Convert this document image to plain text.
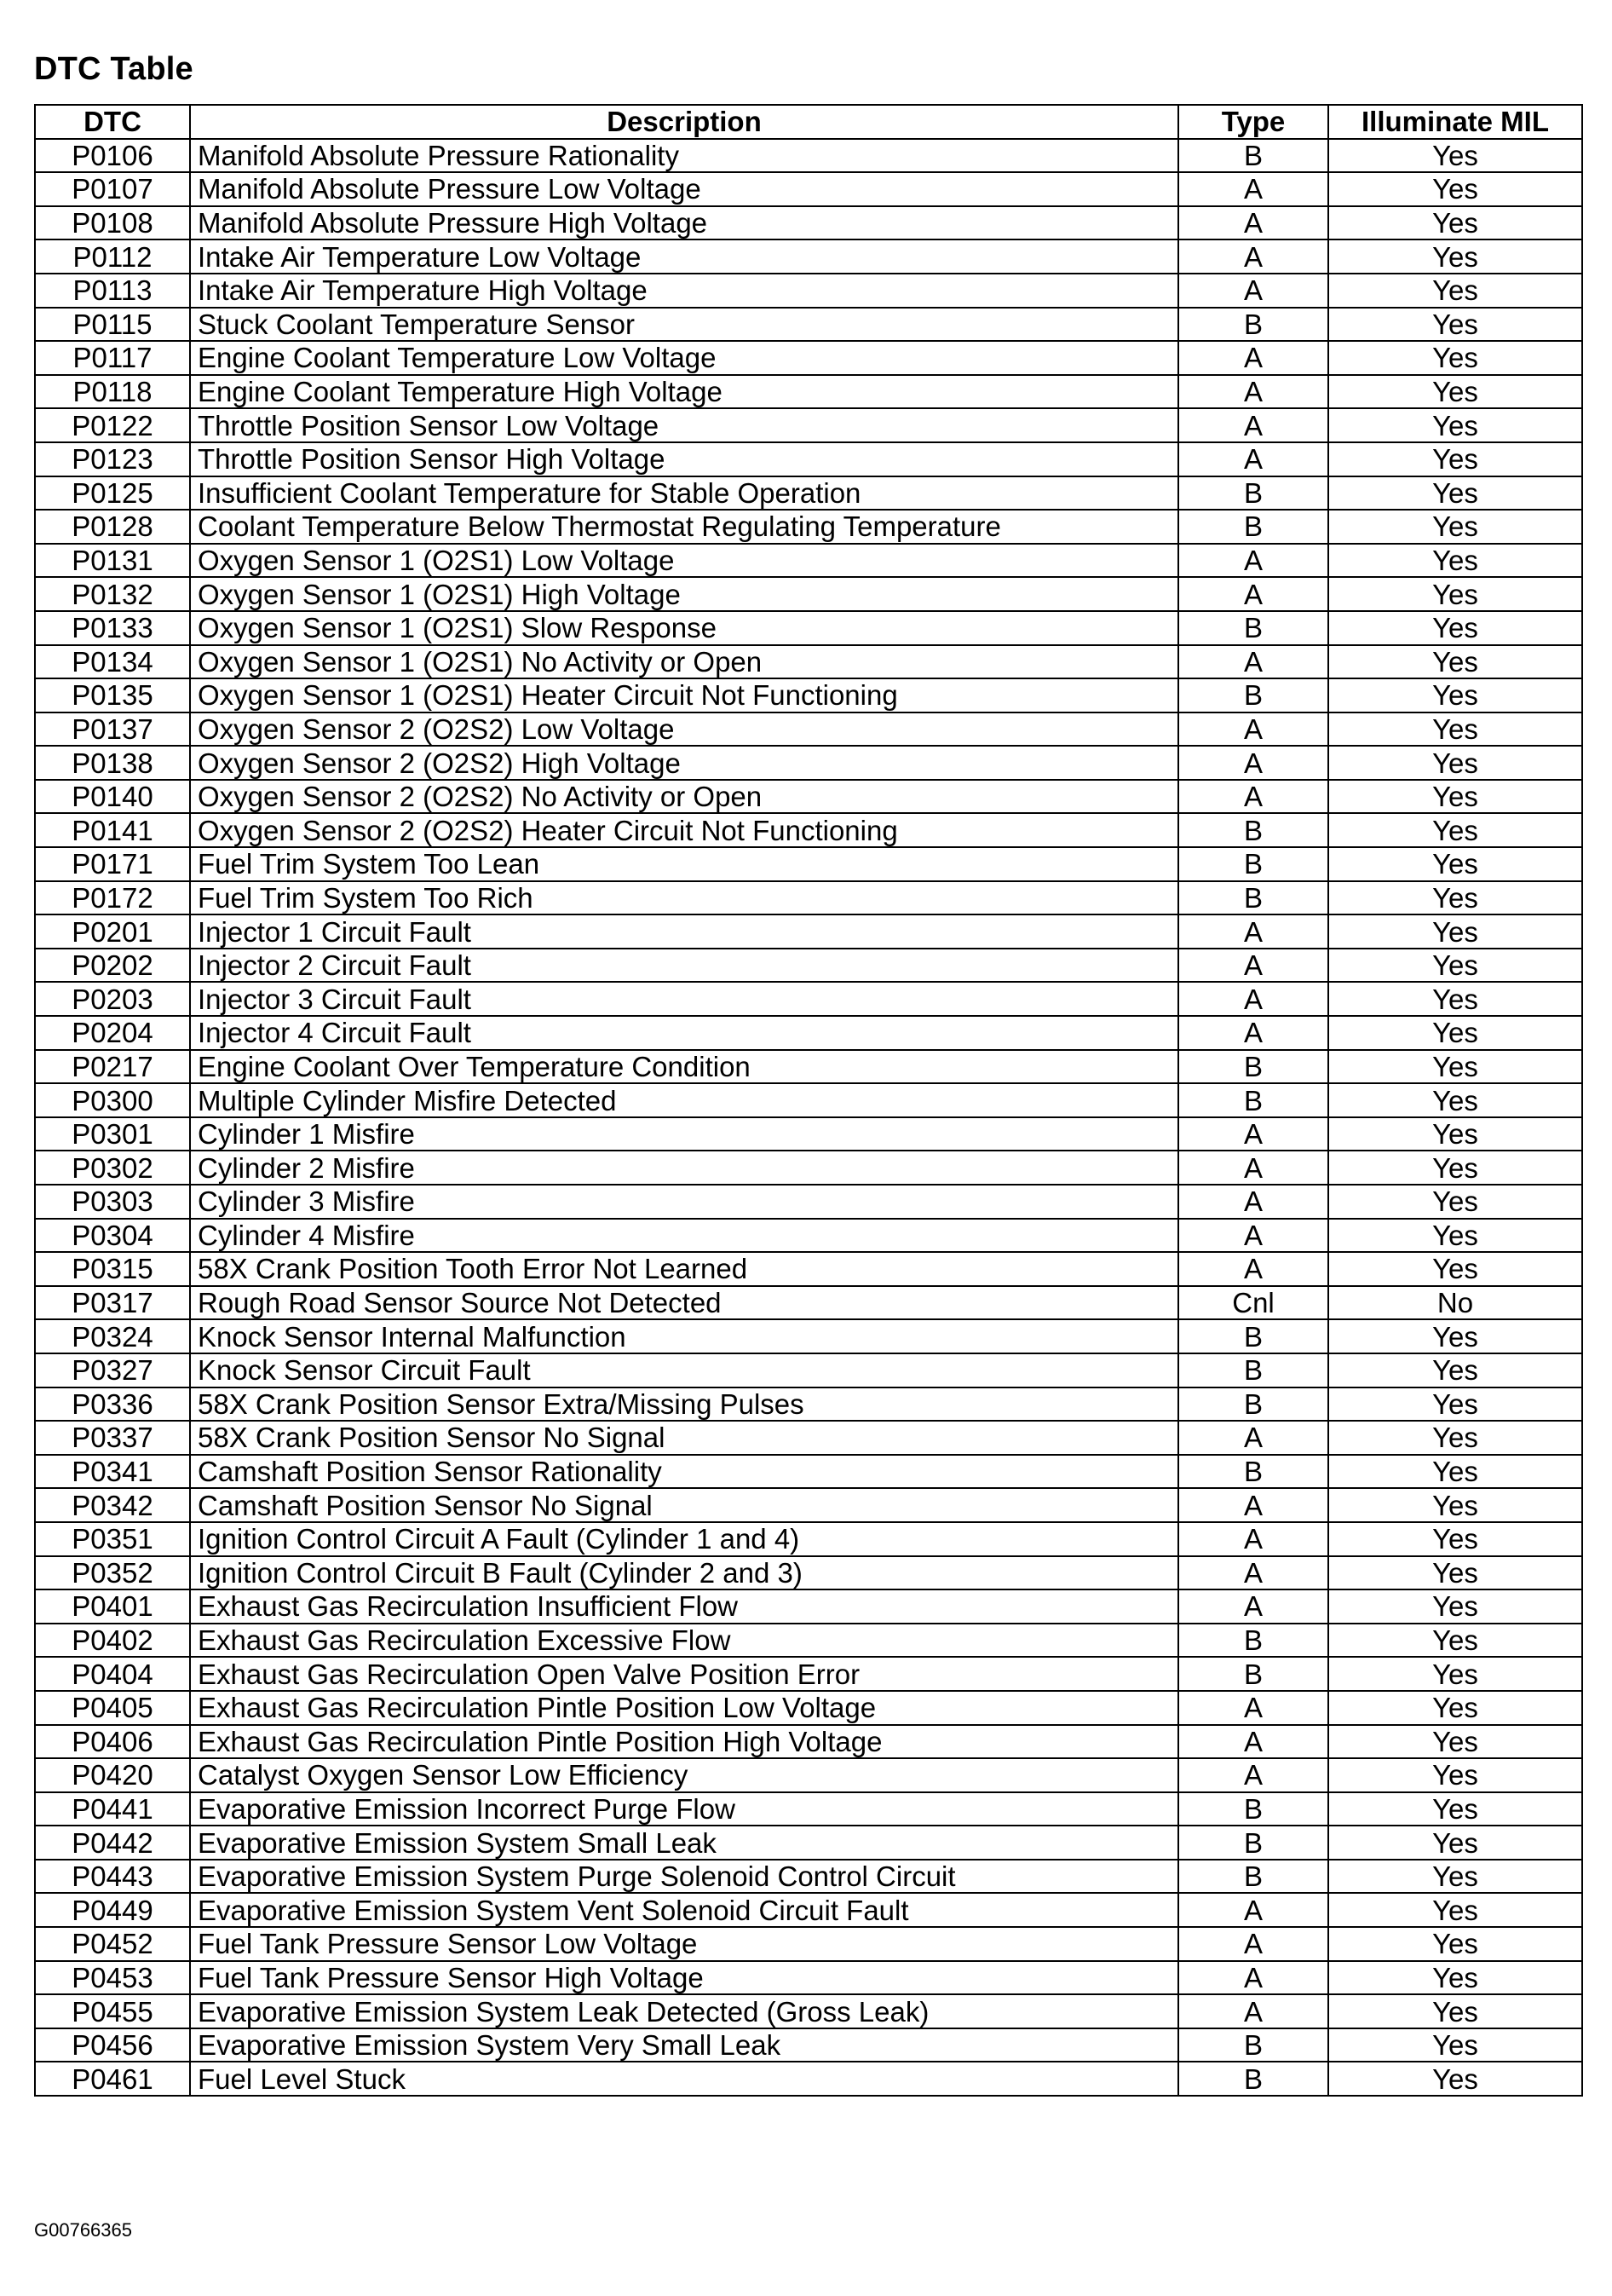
DTC Table
DTC	Description	Type	Illuminate MIL
P0106	Manifold Absolute Pressure Rationality	B	Yes
P0107	Manifold Absolute Pressure Low Voltage	A	Yes
P0108	Manifold Absolute Pressure High Voltage	A	Yes
P0112	Intake Air Temperature Low Voltage	A	Yes
P0113	Intake Air Temperature High Voltage	A	Yes
P0115	Stuck Coolant Temperature Sensor	B	Yes
P0117	Engine Coolant Temperature Low Voltage	A	Yes
P0118	Engine Coolant Temperature High Voltage	A	Yes
P0122	Throttle Position Sensor Low Voltage	A	Yes
P0123	Throttle Position Sensor High Voltage	A	Yes
P0125	Insufficient Coolant Temperature for Stable Operation	B	Yes
P0128	Coolant Temperature Below Thermostat Regulating Temperature	B	Yes
P0131	Oxygen Sensor 1 (O2S1) Low Voltage	A	Yes
P0132	Oxygen Sensor 1 (O2S1) High Voltage	A	Yes
P0133	Oxygen Sensor 1 (O2S1) Slow Response	B	Yes
P0134	Oxygen Sensor 1 (O2S1) No Activity or Open	A	Yes
P0135	Oxygen Sensor 1 (O2S1) Heater Circuit Not Functioning	B	Yes
P0137	Oxygen Sensor 2 (O2S2) Low Voltage	A	Yes
P0138	Oxygen Sensor 2 (O2S2) High Voltage	A	Yes
P0140	Oxygen Sensor 2 (O2S2) No Activity or Open	A	Yes
P0141	Oxygen Sensor 2 (O2S2) Heater Circuit Not Functioning	B	Yes
P0171	Fuel Trim System Too Lean	B	Yes
P0172	Fuel Trim System Too Rich	B	Yes
P0201	Injector 1 Circuit Fault	A	Yes
P0202	Injector 2 Circuit Fault	A	Yes
P0203	Injector 3 Circuit Fault	A	Yes
P0204	Injector 4 Circuit Fault	A	Yes
P0217	Engine Coolant Over Temperature Condition	B	Yes
P0300	Multiple Cylinder Misfire Detected	B	Yes
P0301	Cylinder 1 Misfire	A	Yes
P0302	Cylinder 2 Misfire	A	Yes
P0303	Cylinder 3 Misfire	A	Yes
P0304	Cylinder 4 Misfire	A	Yes
P0315	58X Crank Position Tooth Error Not Learned	A	Yes
P0317	Rough Road Sensor Source Not Detected	Cnl	No
P0324	Knock Sensor Internal Malfunction	B	Yes
P0327	Knock Sensor Circuit Fault	B	Yes
P0336	58X Crank Position Sensor Extra/Missing Pulses	B	Yes
P0337	58X Crank Position Sensor No Signal	A	Yes
P0341	Camshaft Position Sensor Rationality	B	Yes
P0342	Camshaft Position Sensor No Signal	A	Yes
P0351	Ignition Control Circuit A Fault (Cylinder 1 and 4)	A	Yes
P0352	Ignition Control Circuit B Fault (Cylinder 2 and 3)	A	Yes
P0401	Exhaust Gas Recirculation Insufficient Flow	A	Yes
P0402	Exhaust Gas Recirculation Excessive Flow	B	Yes
P0404	Exhaust Gas Recirculation Open Valve Position Error	B	Yes
P0405	Exhaust Gas Recirculation Pintle Position Low Voltage	A	Yes
P0406	Exhaust Gas Recirculation Pintle Position High Voltage	A	Yes
P0420	Catalyst Oxygen Sensor Low Efficiency	A	Yes
P0441	Evaporative Emission Incorrect Purge Flow	B	Yes
P0442	Evaporative Emission System Small Leak	B	Yes
P0443	Evaporative Emission System Purge Solenoid Control Circuit	B	Yes
P0449	Evaporative Emission System Vent Solenoid Circuit Fault	A	Yes
P0452	Fuel Tank Pressure Sensor Low Voltage	A	Yes
P0453	Fuel Tank Pressure Sensor High Voltage	A	Yes
P0455	Evaporative Emission System Leak Detected (Gross Leak)	A	Yes
P0456	Evaporative Emission System Very Small Leak	B	Yes
P0461	Fuel Level Stuck	B	Yes
G00766365
